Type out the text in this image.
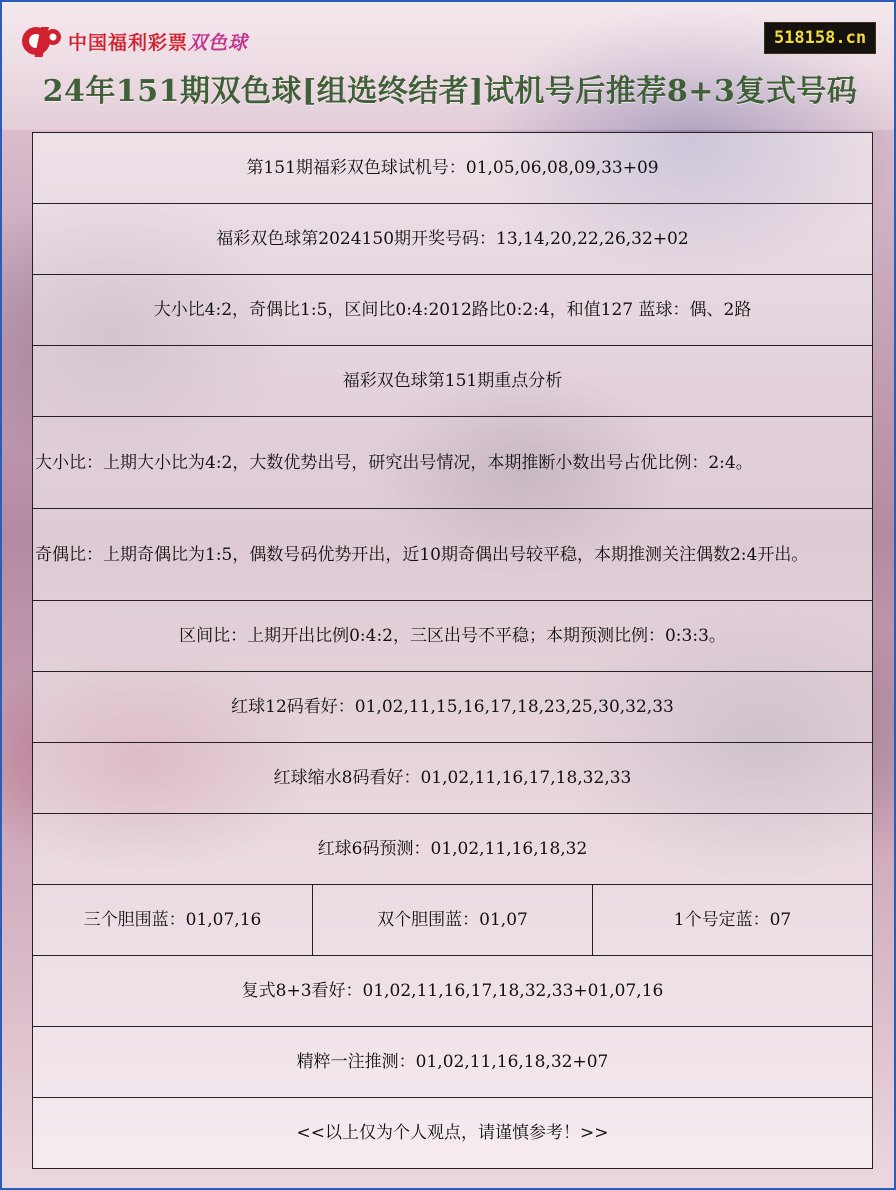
中国福利彩票双色球	518158.cn
24年151期双色球[组选终结者]试机号后推荐8+3复式号码
第151期福彩双色球试机号：01,05,06,08,09,33+09
福彩双色球第2024150期开奖号码：13,14,20,22,26,32+02
大小比4:2，奇偶比1:5，区间比0:4:2012路比0:2:4，和值127 蓝球：偶、2路
福彩双色球第151期重点分析
大小比：上期大小比为4:2，大数优势出号，研究出号情况，本期推断小数出号占优比例：2:4。
奇偶比：上期奇偶比为1:5，偶数号码优势开出，近10期奇偶出号较平稳，本期推测关注偶数2:4开出。
区间比：上期开出比例0:4:2，三区出号不平稳；本期预测比例：0:3:3。
红球12码看好：01,02,11,15,16,17,18,23,25,30,32,33
红球缩水8码看好：01,02,11,16,17,18,32,33
红球6码预测：01,02,11,16,18,32
三个胆围蓝：01,07,16	双个胆围蓝：01,07	1个号定蓝：07
复式8+3看好：01,02,11,16,17,18,32,33+01,07,16
精粹一注推测：01,02,11,16,18,32+07
<<以上仅为个人观点，请谨慎参考！>>
